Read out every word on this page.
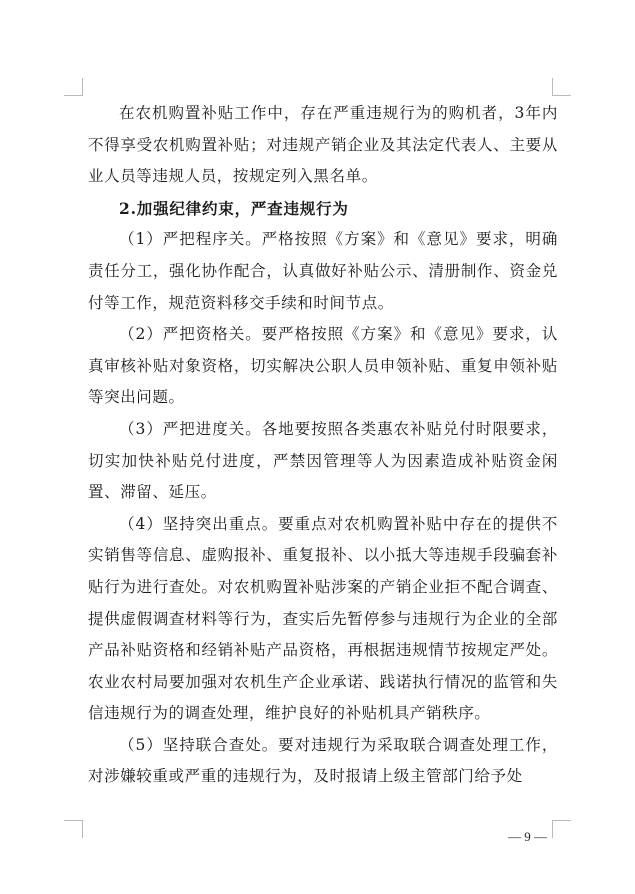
在农机购置补贴工作中，存在严重违规行为的购机者，3年内不得享受农机购置补贴；对违规产销企业及其法定代表人、主要从业人员等违规人员，按规定列入黑名单。

2.加强纪律约束，严查违规行为

（1）严把程序关。严格按照《方案》和《意见》要求，明确责任分工，强化协作配合，认真做好补贴公示、清册制作、资金兑付等工作，规范资料移交手续和时间节点。

（2）严把资格关。要严格按照《方案》和《意见》要求，认真审核补贴对象资格，切实解决公职人员申领补贴、重复申领补贴等突出问题。

（3）严把进度关。各地要按照各类惠农补贴兑付时限要求，切实加快补贴兑付进度，严禁因管理等人为因素造成补贴资金闲置、滞留、延压。

（4）坚持突出重点。要重点对农机购置补贴中存在的提供不实销售等信息、虚购报补、重复报补、以小抵大等违规手段骗套补贴行为进行查处。对农机购置补贴涉案的产销企业拒不配合调查、提供虚假调查材料等行为，查实后先暂停参与违规行为企业的全部产品补贴资格和经销补贴产品资格，再根据违规情节按规定严处。农业农村局要加强对农机生产企业承诺、践诺执行情况的监管和失信违规行为的调查处理，维护良好的补贴机具产销秩序。

（5）坚持联合查处。要对违规行为采取联合调查处理工作，对涉嫌较重或严重的违规行为，及时报请上级主管部门给予处

— 9 —
